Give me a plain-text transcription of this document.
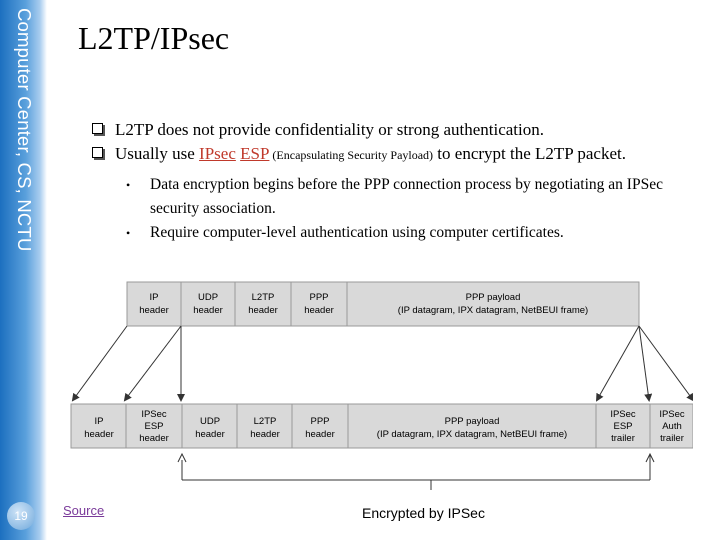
Computer Center, CS, NCTU
19
L2TP/IPsec
L2TP does not provide confidentiality or strong authentication.
Usually use IPsec ESP (Encapsulating Security Payload) to encrypt the L2TP packet.
• Data encryption begins before the PPP connection process by negotiating an IPSec security association.
• Require computer-level authentication using computer certificates.
IP
header
UDP
header
L2TP
header
PPP
header
PPP payload
(IP datagram, IPX datagram, NetBEUI frame)
IP
header
IPSec
ESP
header
UDP
header
L2TP
header
PPP
header
PPP payload
(IP datagram, IPX datagram, NetBEUI frame)
IPSec
ESP
trailer
IPSec
Auth
trailer
Source	Encrypted by IPSec
